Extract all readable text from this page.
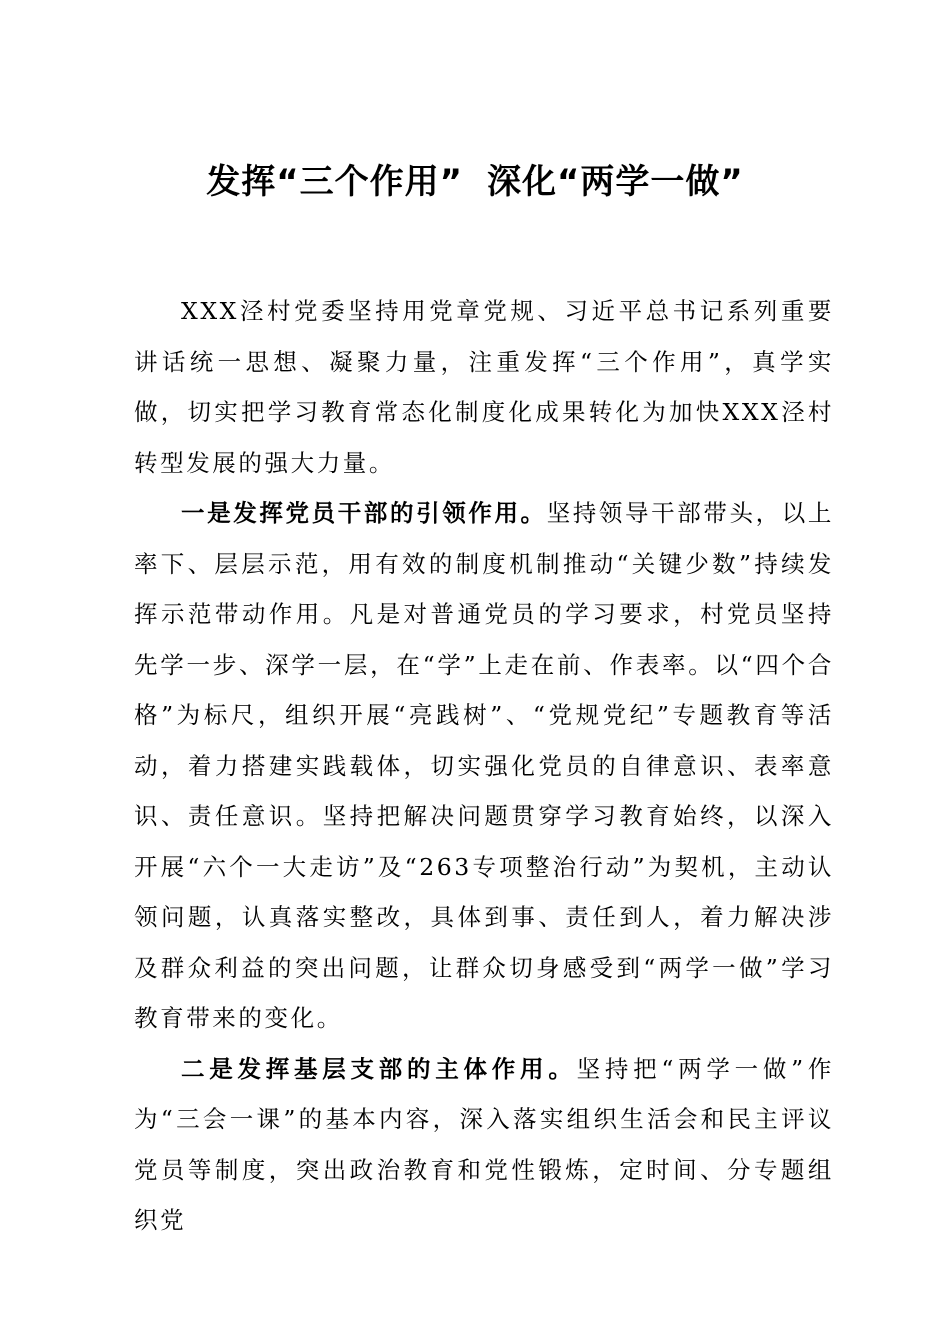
发挥“三个作用” 深化“两学一做”

XXX泾村党委坚持用党章党规、习近平总书记系列重要讲话统一思想、凝聚力量，注重发挥“三个作用”，真学实做，切实把学习教育常态化制度化成果转化为加快XXX泾村转型发展的强大力量。

一是发挥党员干部的引领作用。坚持领导干部带头，以上率下、层层示范，用有效的制度机制推动“关键少数”持续发挥示范带动作用。凡是对普通党员的学习要求，村党员坚持先学一步、深学一层，在“学”上走在前、作表率。以“四个合格”为标尺，组织开展“亮践树”、“党规党纪”专题教育等活动，着力搭建实践载体，切实强化党员的自律意识、表率意识、责任意识。坚持把解决问题贯穿学习教育始终，以深入开展“六个一大走访”及“263专项整治行动”为契机，主动认领问题，认真落实整改，具体到事、责任到人，着力解决涉及群众利益的突出问题，让群众切身感受到“两学一做”学习教育带来的变化。

二是发挥基层支部的主体作用。坚持把“两学一做”作为“三会一课”的基本内容，深入落实组织生活会和民主评议党员等制度，突出政治教育和党性锻炼，定时间、分专题组织党
